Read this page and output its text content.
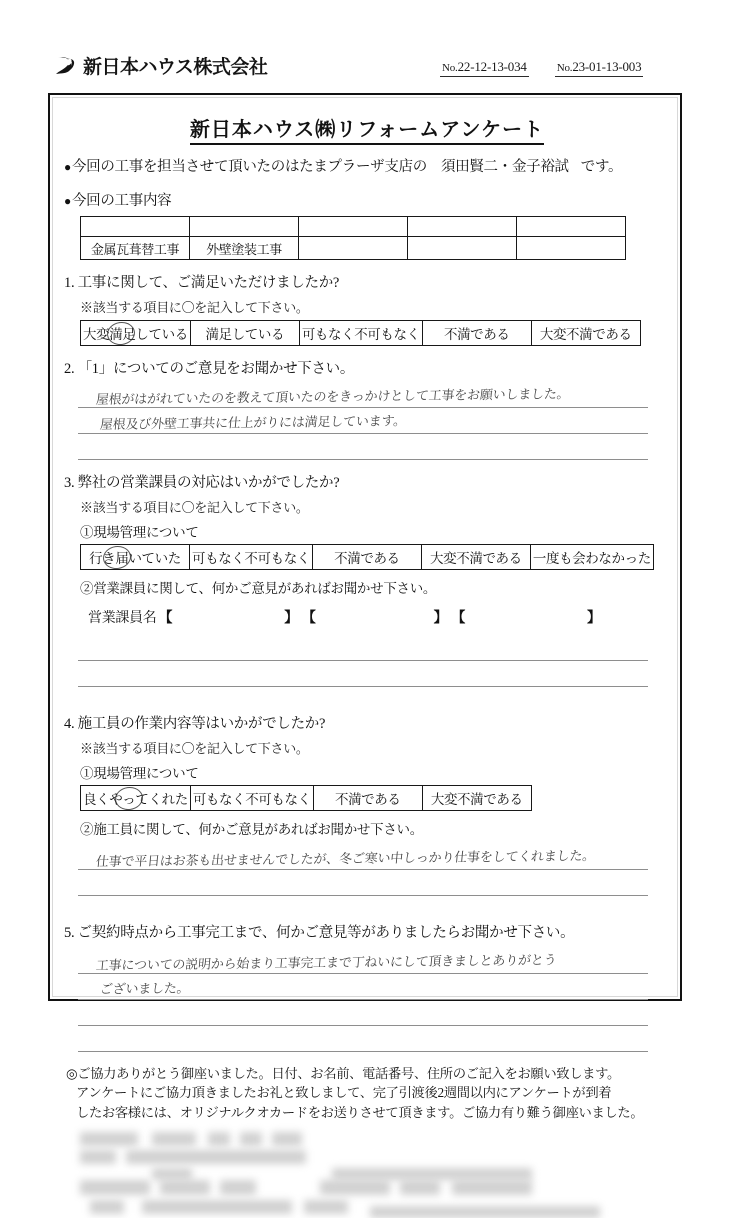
新日本ハウス株式会社	No.22-12-13-034	No.23-01-13-003
新日本ハウス㈱リフォームアンケート
●今回の工事を担当させて頂いたのはたまプラーザ支店の 須田賢二・金子裕試 です。
●今回の工事内容

金属瓦葺替工事	外壁塗装工事			
1. 工事に関して、ご満足いただけましたか?
※該当する項目に〇を記入して下さい。
大変満足している	満足している	可もなく不可もなく	不満である	大変不満である
2. 「1」についてのご意見をお聞かせ下さい。
屋根がはがれていたのを教えて頂いたのをきっかけとして工事をお願いしました。
屋根及び外壁工事共に仕上がりには満足しています。
3. 弊社の営業課員の対応はいかがでしたか?
※該当する項目に〇を記入して下さい。
①現場管理について
行き届いていた	可もなく不可もなく	不満である	大変不満である	一度も会わなかった
②営業課員に関して、何かご意見があればお聞かせ下さい。
営業課員名 【	】 【	】 【	】
4. 施工員の作業内容等はいかがでしたか?
※該当する項目に〇を記入して下さい。
①現場管理について
良くやってくれた	可もなく不可もなく	不満である	大変不満である
②施工員に関して、何かご意見があればお聞かせ下さい。
仕事で平日はお茶も出せませんでしたが、冬ご寒い中しっかり仕事をしてくれました。
5. ご契約時点から工事完工まで、何かご意見等がありましたらお聞かせ下さい。
工事についての説明から始まり工事完工まで丁ねいにして頂きましとありがとう
ございました。
◎ご協力ありがとう御座いました。日付、お名前、電話番号、住所のご記入をお願い致します。
アンケートにご協力頂きましたお礼と致しまして、完了引渡後2週間以内にアンケートが到着
したお客様には、オリジナルクオカードをお送りさせて頂きます。ご協力有り難う御座いました。
